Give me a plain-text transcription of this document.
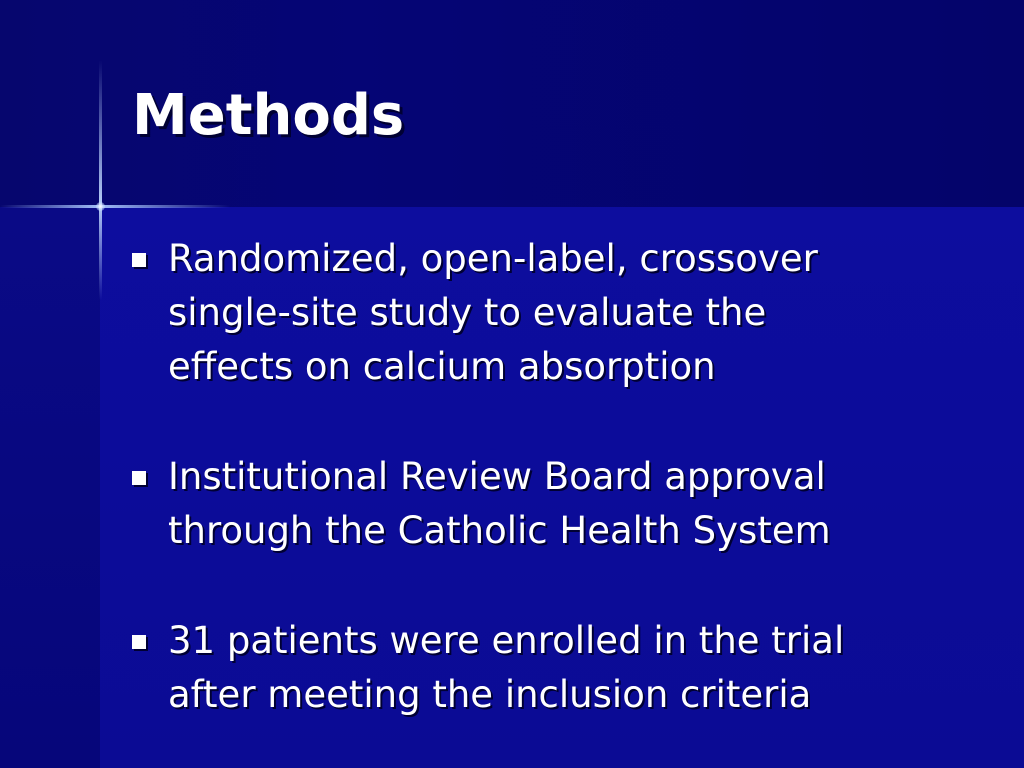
Methods
Randomized, open-label, crossover
single-site study to evaluate the
effects on calcium absorption
Institutional Review Board approval
through the Catholic Health System
31 patients were enrolled in the trial
after meeting the inclusion criteria
